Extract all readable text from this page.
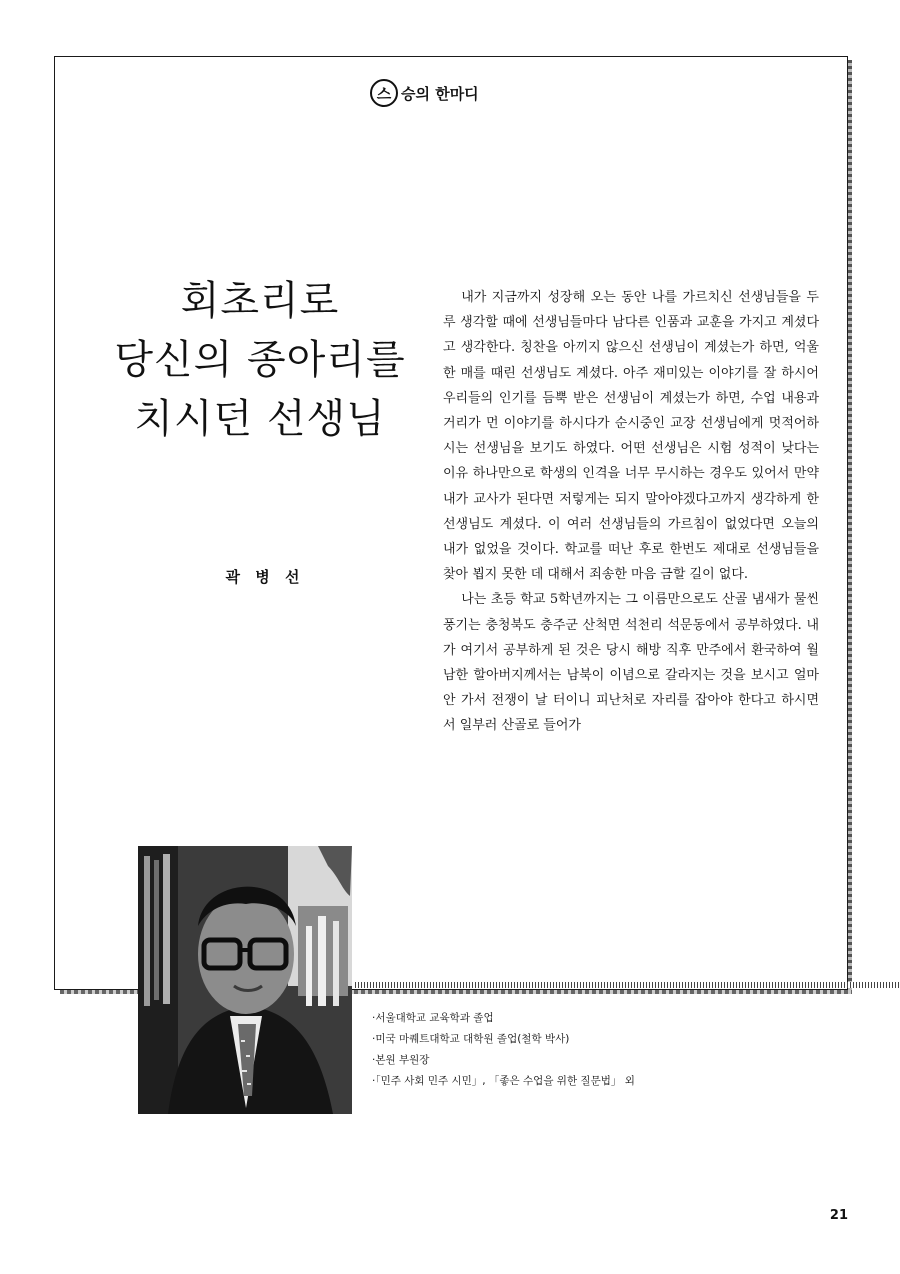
스 승의 한마디
회초리로
당신의 종아리를
치시던 선생님
곽 병 선

내가 지금까지 성장해 오는 동안 나를 가르치신 선생님들을 두루 생각할 때에 선생님들마다 남다른 인품과 교훈을 가지고 계셨다고 생각한다. 칭찬을 아끼지 않으신 선생님이 계셨는가 하면, 억울한 매를 때린 선생님도 계셨다. 아주 재미있는 이야기를 잘 하시어 우리들의 인기를 듬뿍 받은 선생님이 계셨는가 하면, 수업 내용과 거리가 먼 이야기를 하시다가 순시중인 교장 선생님에게 멋적어하시는 선생님을 보기도 하였다. 어떤 선생님은 시험 성적이 낮다는 이유 하나만으로 학생의 인격을 너무 무시하는 경우도 있어서 만약 내가 교사가 된다면 저렇게는 되지 말아야겠다고까지 생각하게 한 선생님도 계셨다. 이 여러 선생님들의 가르침이 없었다면 오늘의 내가 없었을 것이다. 학교를 떠난 후로 한번도 제대로 선생님들을 찾아 뵙지 못한 데 대해서 죄송한 마음 금할 길이 없다.

나는 초등 학교 5학년까지는 그 이름만으로도 산골 냄새가 물씬 풍기는 충청북도 충주군 산척면 석천리 석문동에서 공부하였다. 내가 여기서 공부하게 된 것은 당시 해방 직후 만주에서 환국하여 월남한 할아버지께서는 남북이 이념으로 갈라지는 것을 보시고 얼마 안 가서 전쟁이 날 터이니 피난처로 자리를 잡아야 한다고 하시면서 일부러 산골로 들어가

·서울대학교 교육학과 졸업
·미국 마퀘트대학교 대학원 졸업(철학 박사)
·본원 부원장
·「민주 사회 민주 시민」, 「좋은 수업을 위한 질문법」 외
21
